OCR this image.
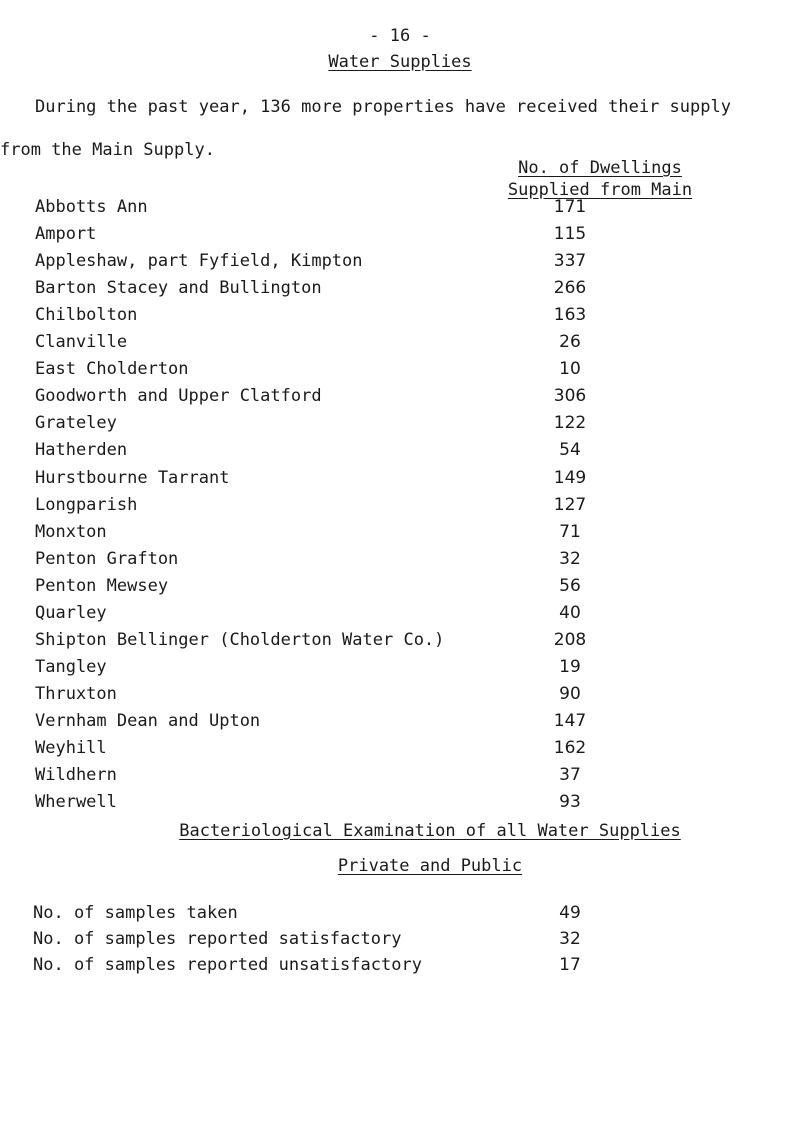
- 16 -
Water Supplies
During the past year, 136 more properties have received their supply
from the Main Supply.
No. of Dwellings
Supplied from Main
Abbotts Ann	171
Amport	115
Appleshaw, part Fyfield, Kimpton	337
Barton Stacey and Bullington	266
Chilbolton	163
Clanville	26
East Cholderton	10
Goodworth and Upper Clatford	306
Grateley	122
Hatherden	54
Hurstbourne Tarrant	149
Longparish	127
Monxton	71
Penton Grafton	32
Penton Mewsey	56
Quarley	40
Shipton Bellinger (Cholderton Water Co.)	208
Tangley	19
Thruxton	90
Vernham Dean and Upton	147
Weyhill	162
Wildhern	37
Wherwell	93
Bacteriological Examination of all Water Supplies
Private and Public
No. of samples taken	49
No. of samples reported satisfactory	32
No. of samples reported unsatisfactory	17
